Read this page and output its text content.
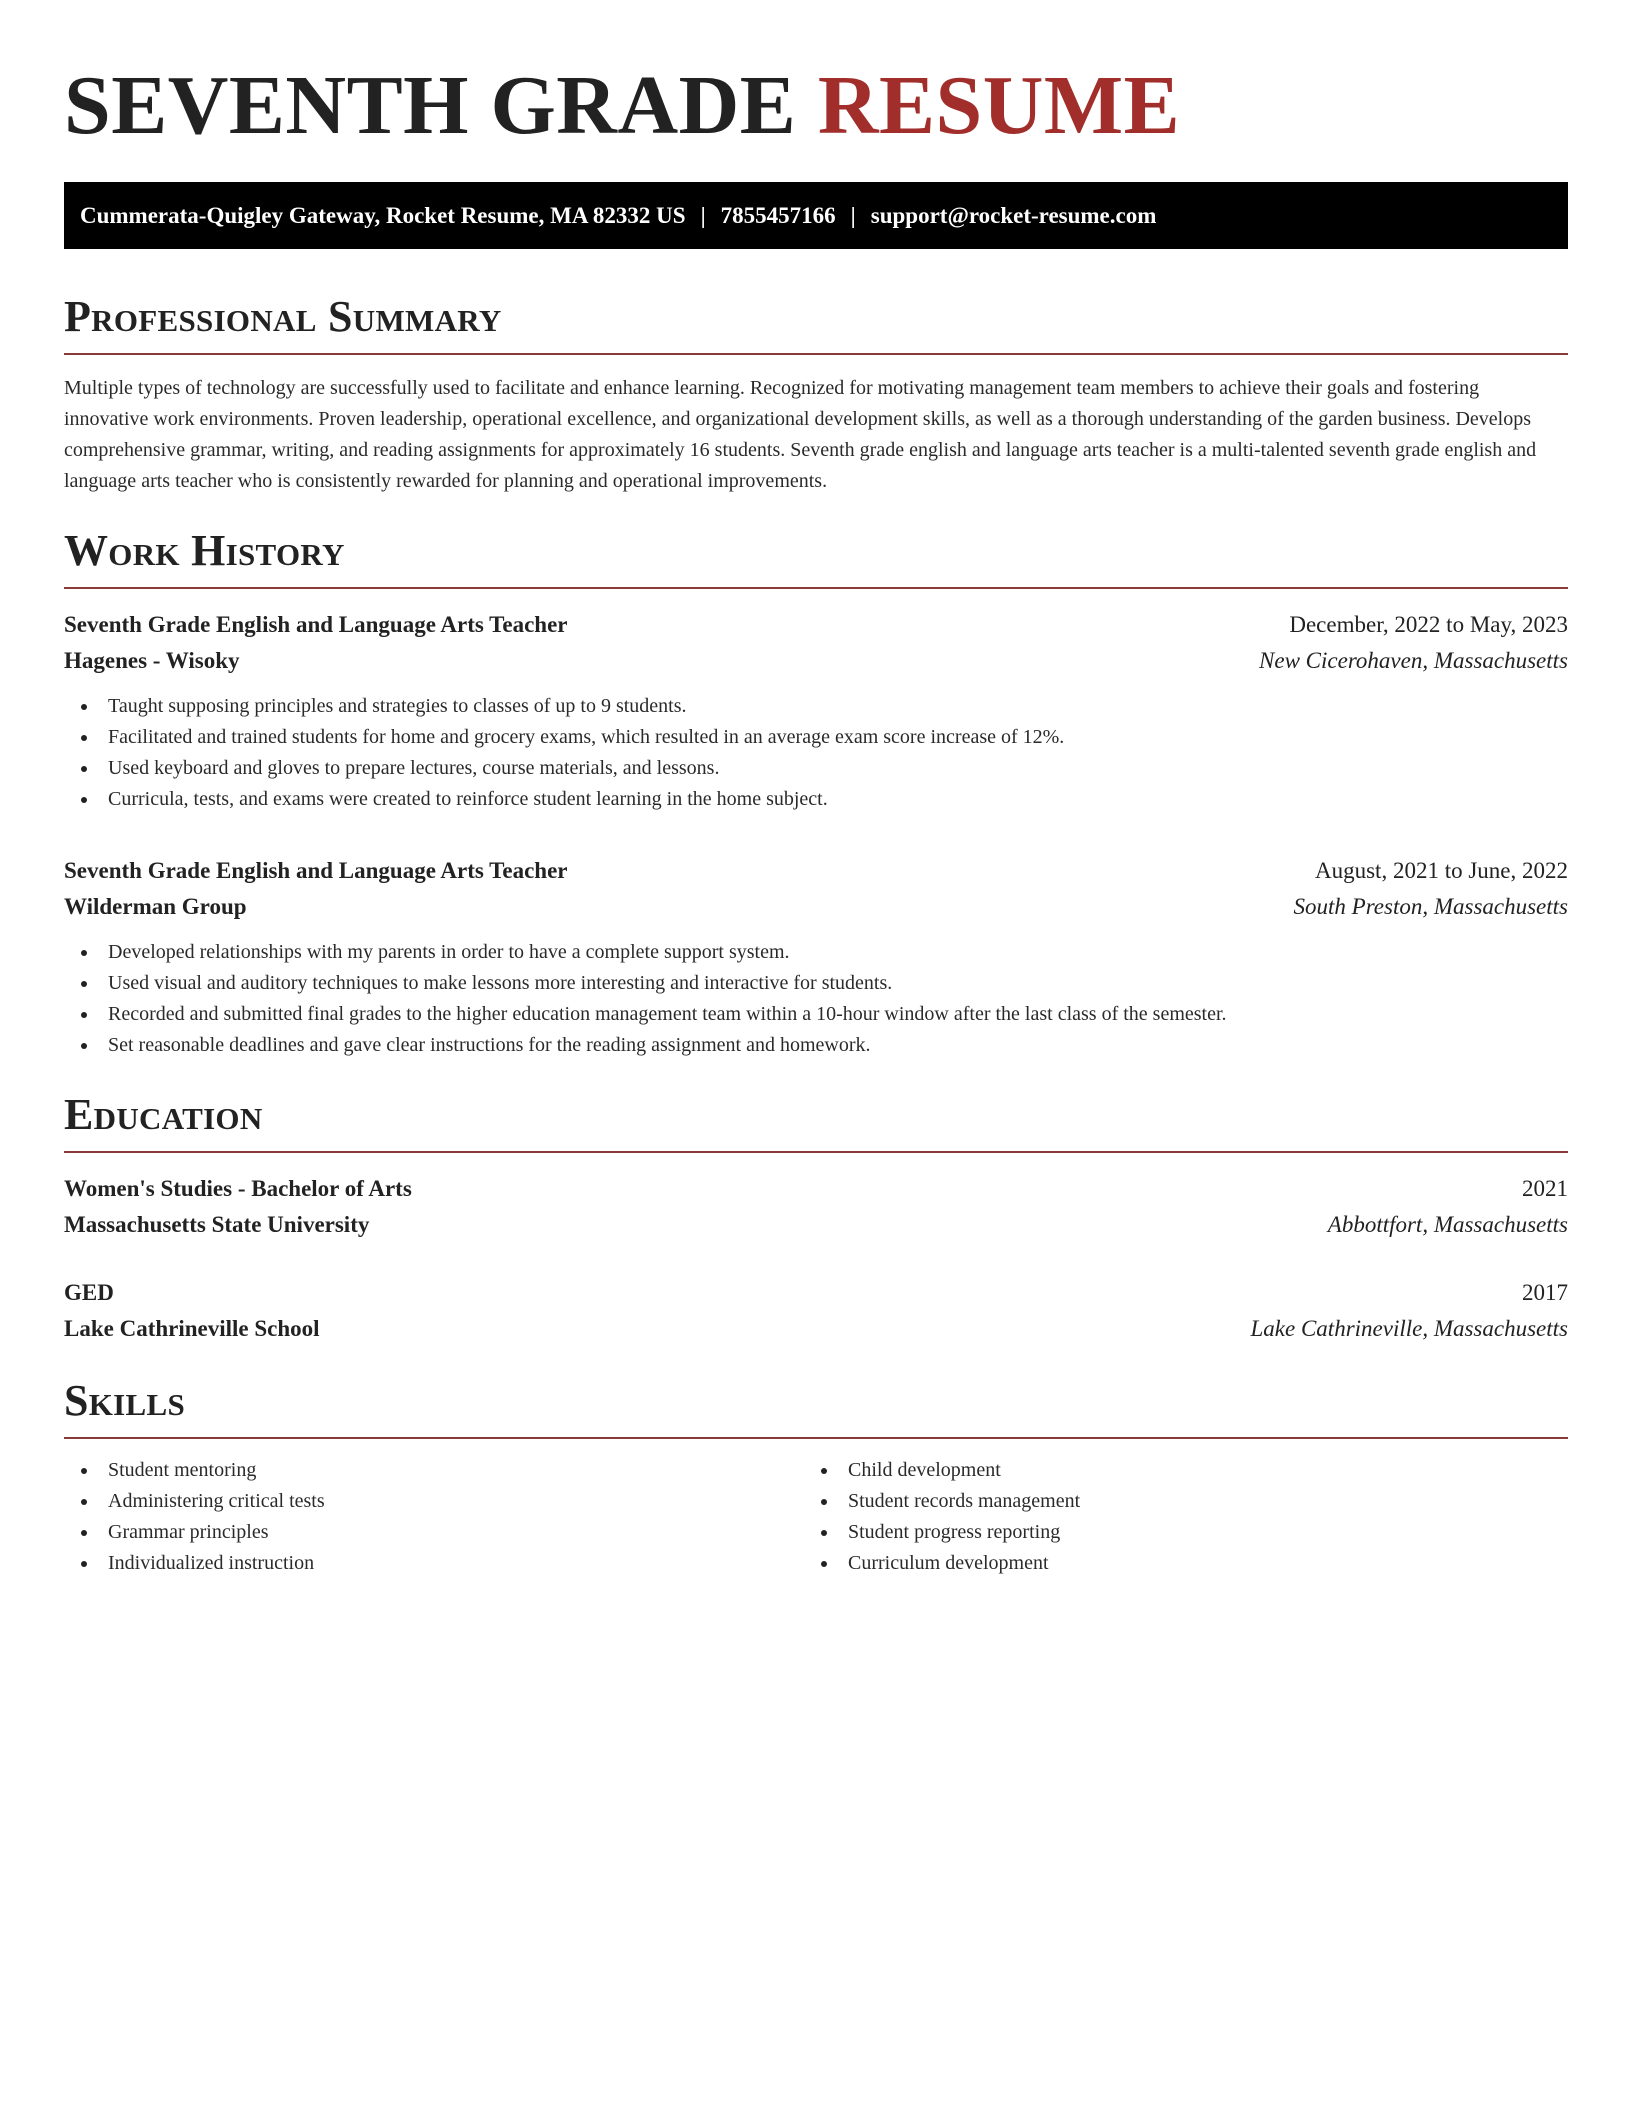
SEVENTH GRADE RESUME
Cummerata-Quigley Gateway, Rocket Resume, MA 82332 US | 7855457166 | support@rocket-resume.com
Professional Summary

Multiple types of technology are successfully used to facilitate and enhance learning. Recognized for motivating management team members to achieve their goals and fostering innovative work environments. Proven leadership, operational excellence, and organizational development skills, as well as a thorough understanding of the garden business. Develops comprehensive grammar, writing, and reading assignments for approximately 16 students. Seventh grade english and language arts teacher is a multi-talented seventh grade english and language arts teacher who is consistently rewarded for planning and operational improvements.

Work History
Seventh Grade English and Language Arts Teacher	December, 2022 to May, 2023
Hagenes - Wisoky	New Cicerohaven, Massachusetts
Taught supposing principles and strategies to classes of up to 9 students.
Facilitated and trained students for home and grocery exams, which resulted in an average exam score increase of 12%.
Used keyboard and gloves to prepare lectures, course materials, and lessons.
Curricula, tests, and exams were created to reinforce student learning in the home subject.
Seventh Grade English and Language Arts Teacher	August, 2021 to June, 2022
Wilderman Group	South Preston, Massachusetts
Developed relationships with my parents in order to have a complete support system.
Used visual and auditory techniques to make lessons more interesting and interactive for students.
Recorded and submitted final grades to the higher education management team within a 10-hour window after the last class of the semester.
Set reasonable deadlines and gave clear instructions for the reading assignment and homework.
Education
Women's Studies - Bachelor of Arts	2021
Massachusetts State University	Abbottfort, Massachusetts
GED	2017
Lake Cathrineville School	Lake Cathrineville, Massachusetts
Skills
Student mentoring
Administering critical tests
Grammar principles
Individualized instruction
Child development
Student records management
Student progress reporting
Curriculum development
